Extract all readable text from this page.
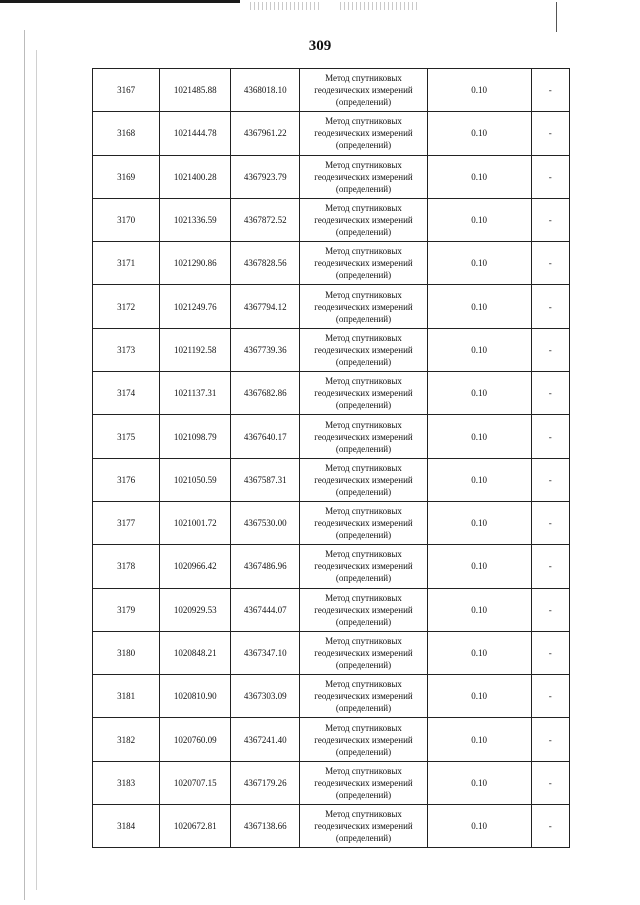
309
3167	1021485.88	4368018.10	Метод спутниковых геодезических измерений (определений)	0.10	-
3168	1021444.78	4367961.22	Метод спутниковых геодезических измерений (определений)	0.10	-
3169	1021400.28	4367923.79	Метод спутниковых геодезических измерений (определений)	0.10	-
3170	1021336.59	4367872.52	Метод спутниковых геодезических измерений (определений)	0.10	-
3171	1021290.86	4367828.56	Метод спутниковых геодезических измерений (определений)	0.10	-
3172	1021249.76	4367794.12	Метод спутниковых геодезических измерений (определений)	0.10	-
3173	1021192.58	4367739.36	Метод спутниковых геодезических измерений (определений)	0.10	-
3174	1021137.31	4367682.86	Метод спутниковых геодезических измерений (определений)	0.10	-
3175	1021098.79	4367640.17	Метод спутниковых геодезических измерений (определений)	0.10	-
3176	1021050.59	4367587.31	Метод спутниковых геодезических измерений (определений)	0.10	-
3177	1021001.72	4367530.00	Метод спутниковых геодезических измерений (определений)	0.10	-
3178	1020966.42	4367486.96	Метод спутниковых геодезических измерений (определений)	0.10	-
3179	1020929.53	4367444.07	Метод спутниковых геодезических измерений (определений)	0.10	-
3180	1020848.21	4367347.10	Метод спутниковых геодезических измерений (определений)	0.10	-
3181	1020810.90	4367303.09	Метод спутниковых геодезических измерений (определений)	0.10	-
3182	1020760.09	4367241.40	Метод спутниковых геодезических измерений (определений)	0.10	-
3183	1020707.15	4367179.26	Метод спутниковых геодезических измерений (определений)	0.10	-
3184	1020672.81	4367138.66	Метод спутниковых геодезических измерений (определений)	0.10	-
